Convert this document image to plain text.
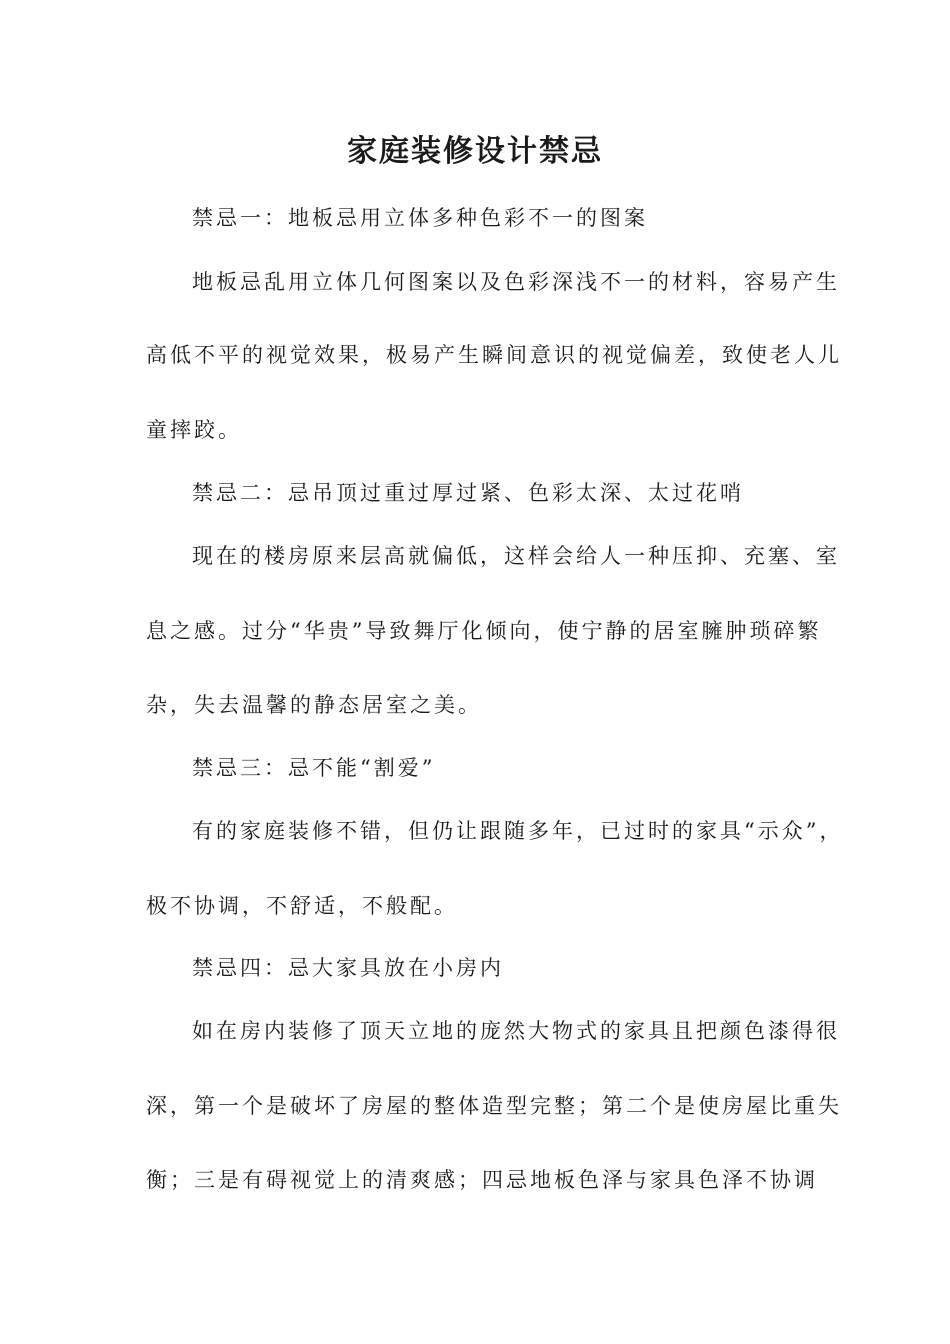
家庭装修设计禁忌
禁忌一：地板忌用立体多种色彩不一的图案
地板忌乱用立体几何图案以及色彩深浅不一的材料，容易产生
高低不平的视觉效果，极易产生瞬间意识的视觉偏差，致使老人儿
童摔跤。
禁忌二：忌吊顶过重过厚过紧、色彩太深、太过花哨
现在的楼房原来层高就偏低，这样会给人一种压抑、充塞、室
息之感。过分“华贵”导致舞厅化倾向，使宁静的居室臃肿琐碎繁
杂，失去温馨的静态居室之美。
禁忌三：忌不能“割爱”
有的家庭装修不错，但仍让跟随多年，已过时的家具“示众”，
极不协调，不舒适，不般配。
禁忌四：忌大家具放在小房内
如在房内装修了顶天立地的庞然大物式的家具且把颜色漆得很
深，第一个是破坏了房屋的整体造型完整；第二个是使房屋比重失
衡；三是有碍视觉上的清爽感；四忌地板色泽与家具色泽不协调
